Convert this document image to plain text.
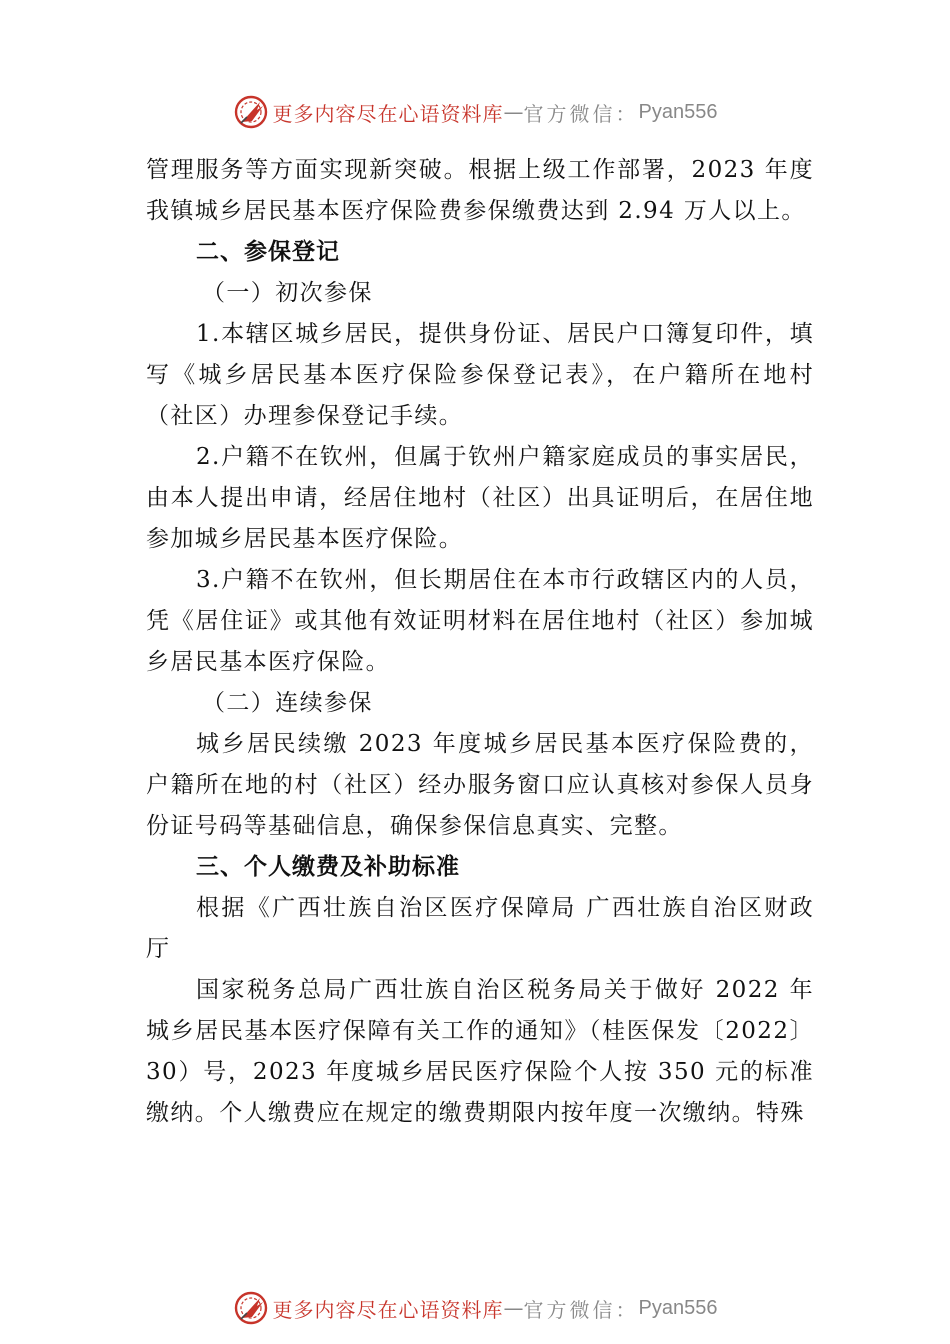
更多内容尽在心语资料库 — 官方微信： Pyan556

管理服务等方面实现新突破。根据上级工作部署，2023 年度我镇城乡居民基本医疗保险费参保缴费达到 2.94 万人以上。

二、参保登记

（一）初次参保

1.本辖区城乡居民，提供身份证、居民户口簿复印件，填写《城乡居民基本医疗保险参保登记表》，在户籍所在地村（社区）办理参保登记手续。

2.户籍不在钦州，但属于钦州户籍家庭成员的事实居民，由本人提出申请，经居住地村（社区）出具证明后，在居住地参加城乡居民基本医疗保险。

3.户籍不在钦州，但长期居住在本市行政辖区内的人员，凭《居住证》或其他有效证明材料在居住地村（社区）参加城乡居民基本医疗保险。

（二）连续参保

城乡居民续缴 2023 年度城乡居民基本医疗保险费的，户籍所在地的村（社区）经办服务窗口应认真核对参保人员身份证号码等基础信息，确保参保信息真实、完整。

三、个人缴费及补助标准

根据《广西壮族自治区医疗保障局 广西壮族自治区财政厅

国家税务总局广西壮族自治区税务局关于做好 2022 年城乡居民基本医疗保障有关工作的通知》（桂医保发〔2022〕30）号，2023 年度城乡居民医疗保险个人按 350 元的标准缴纳。个人缴费应在规定的缴费期限内按年度一次缴纳。特殊

更多内容尽在心语资料库 — 官方微信： Pyan556
